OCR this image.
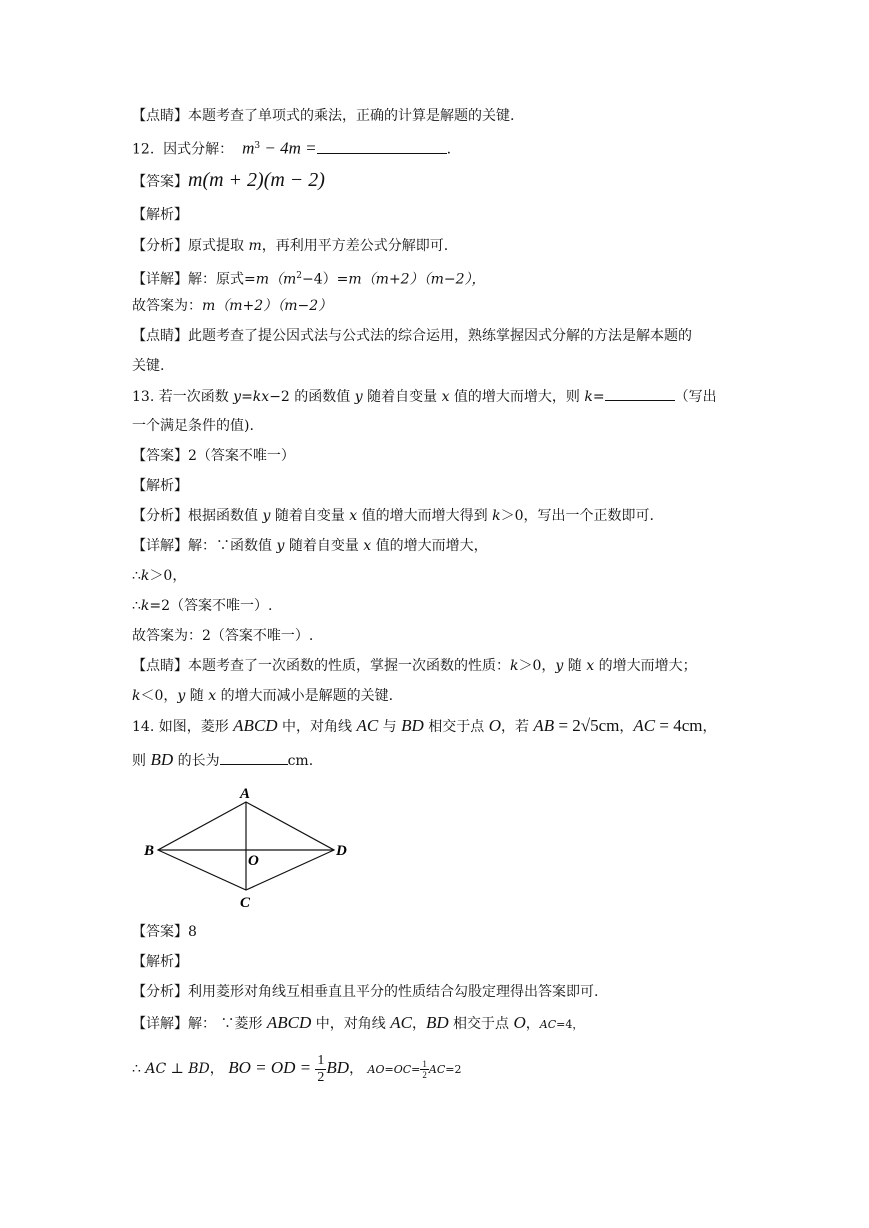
【点睛】本题考查了单项式的乘法，正确的计算是解题的关键.
12. 因式分解： $m^3 - 4m$ =	.
【答案】m(m + 2)(m − 2)
【解析】
【分析】原式提取 m，再利用平方差公式分解即可.
【详解】解：原式$=m(m^2-4)=m(m+2)(m-2)$，
故答案为：m（m+2）（m−2）
【点睛】此题考查了提公因式法与公式法的综合运用，熟练掌握因式分解的方法是解本题的
关键.
13. 若一次函数 y=kx−2 的函数值 y 随着自变量 x 值的增大而增大，则 k=	（写出
一个满足条件的值).
【答案】2（答案不唯一）
【解析】
【分析】根据函数值 y 随着自变量 x 值的增大而增大得到 k＞0，写出一个正数即可.
【详解】解：∵函数值 y 随着自变量 x 值的增大而增大，
∴k＞0，
∴k=2（答案不唯一）.
故答案为：2（答案不唯一）.
【点睛】本题考查了一次函数的性质，掌握一次函数的性质：k＞0，y 随 x 的增大而增大；
k＜0，y 随 x 的增大而减小是解题的关键.
14. 如图，菱形 ABCD 中，对角线 AC 与 BD 相交于点 O，若 AB = 2√5cm，AC = 4cm，
则 BD 的长为	cm.
A
B
C
D
O
【答案】8
【解析】
【分析】利用菱形对角线互相垂直且平分的性质结合勾股定理得出答案即可.
【详解】解： ∵菱形 ABCD 中，对角线 AC，BD 相交于点 O，AC=4，
∴ AC ⊥ BD， BO = OD = $\frac{1}{2}$ BD， $AO=OC= \frac{1}{2} AC=2$
